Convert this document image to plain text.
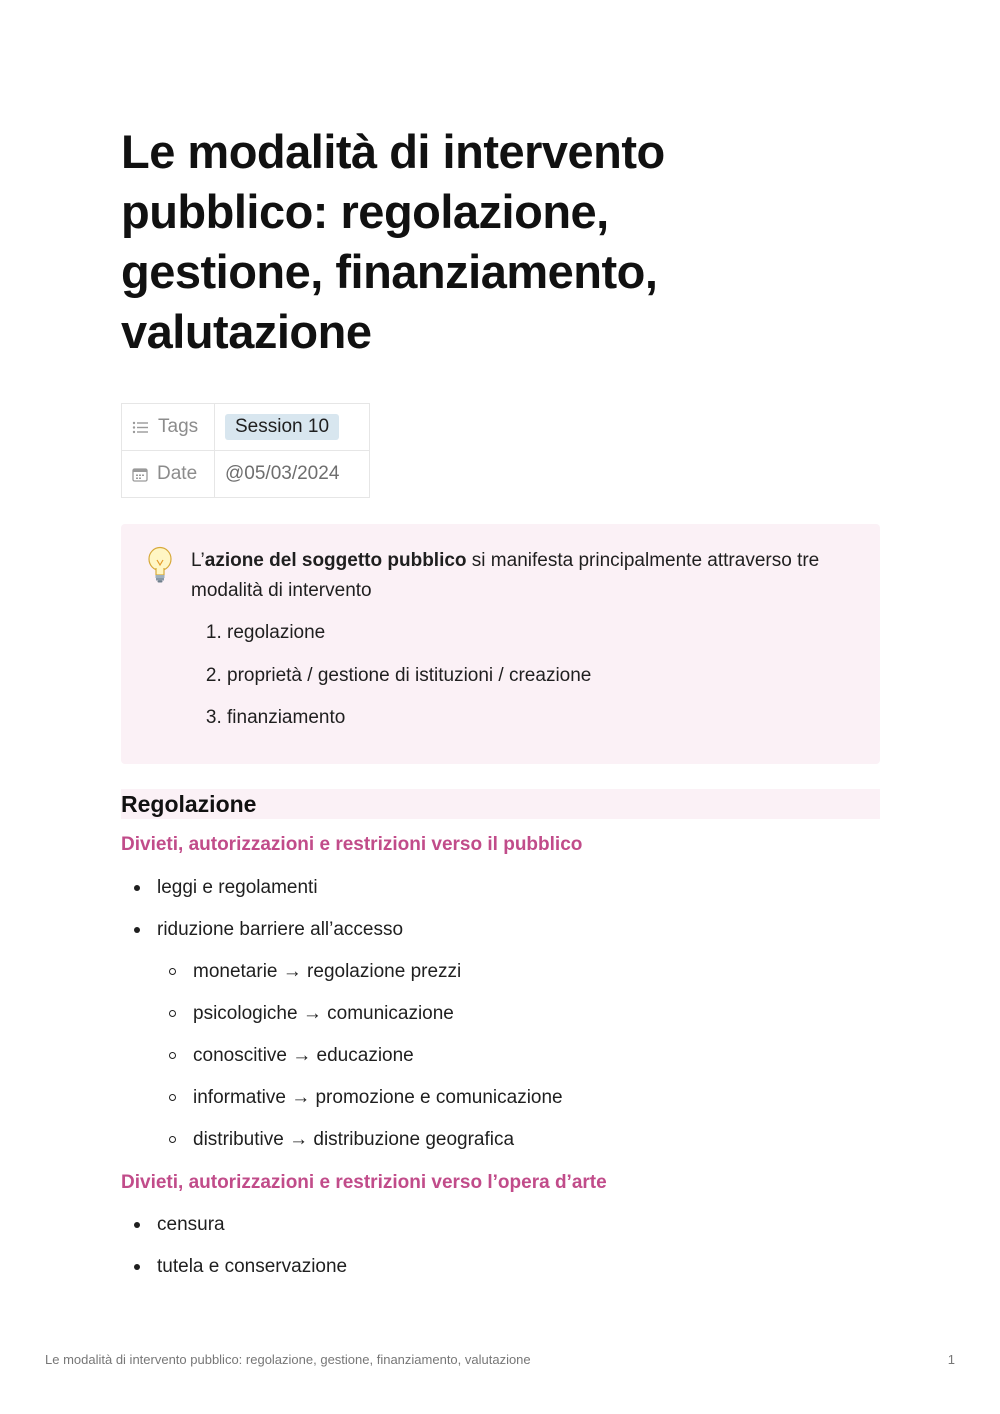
Le modalità di intervento pubblico: regolazione, gestione, finanziamento, valutazione
Tags	Session 10
Date	@05/03/2024
L’azione del soggetto pubblico si manifesta principalmente attraverso tre modalità di intervento
1. regolazione
2. proprietà / gestione di istituzioni / creazione
3. finanziamento
Regolazione
Divieti, autorizzazioni e restrizioni verso il pubblico
leggi e regolamenti
riduzione barriere all’accesso
monetarie → regolazione prezzi
psicologiche → comunicazione
conoscitive → educazione
informative → promozione e comunicazione
distributive → distribuzione geografica
Divieti, autorizzazioni e restrizioni verso l’opera d’arte
censura
tutela e conservazione
Le modalità di intervento pubblico: regolazione, gestione, finanziamento, valutazione	1
